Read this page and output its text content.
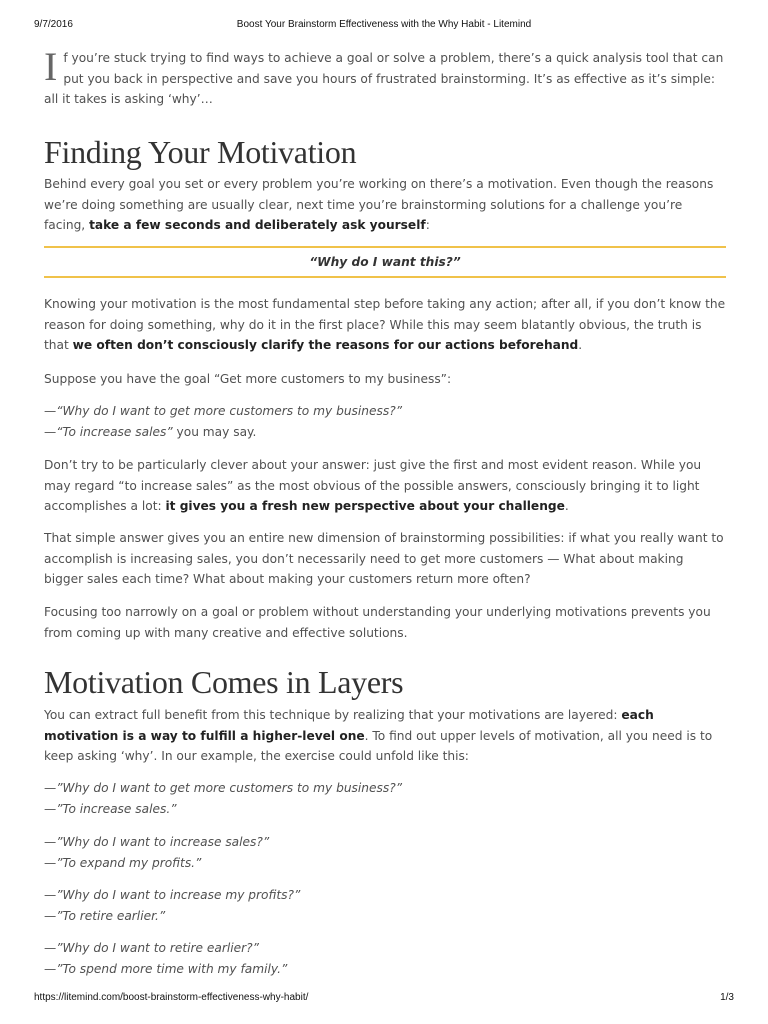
9/7/2016	Boost Your Brainstorm Effectiveness with the Why Habit - Litemind
If you’re stuck trying to find ways to achieve a goal or solve a problem, there’s a quick analysis tool that can put you back in perspective and save you hours of frustrated brainstorming. It’s as effective as it’s simple: all it takes is asking ‘why’…
Finding Your Motivation
Behind every goal you set or every problem you’re working on there’s a motivation. Even though the reasons we’re doing something are usually clear, next time you’re brainstorming solutions for a challenge you’re facing, take a few seconds and deliberately ask yourself:
“Why do I want this?”
Knowing your motivation is the most fundamental step before taking any action; after all, if you don’t know the reason for doing something, why do it in the first place? While this may seem blatantly obvious, the truth is that we often don’t consciously clarify the reasons for our actions beforehand.
Suppose you have the goal “Get more customers to my business”:
—“Why do I want to get more customers to my business?”
—“To increase sales” you may say.
Don’t try to be particularly clever about your answer: just give the first and most evident reason. While you may regard “to increase sales” as the most obvious of the possible answers, consciously bringing it to light accomplishes a lot: it gives you a fresh new perspective about your challenge.
That simple answer gives you an entire new dimension of brainstorming possibilities: if what you really want to accomplish is increasing sales, you don’t necessarily need to get more customers — What about making bigger sales each time? What about making your customers return more often?
Focusing too narrowly on a goal or problem without understanding your underlying motivations prevents you from coming up with many creative and effective solutions.
Motivation Comes in Layers
You can extract full benefit from this technique by realizing that your motivations are layered: each motivation is a way to fulfill a higher-level one. To find out upper levels of motivation, all you need is to keep asking ‘why’. In our example, the exercise could unfold like this:
—”Why do I want to get more customers to my business?”
—”To increase sales.”
—”Why do I want to increase sales?”
—”To expand my profits.”
—”Why do I want to increase my profits?”
—”To retire earlier.”
—”Why do I want to retire earlier?”
—”To spend more time with my family.”
https://litemind.com/boost-brainstorm-effectiveness-why-habit/	1/3
